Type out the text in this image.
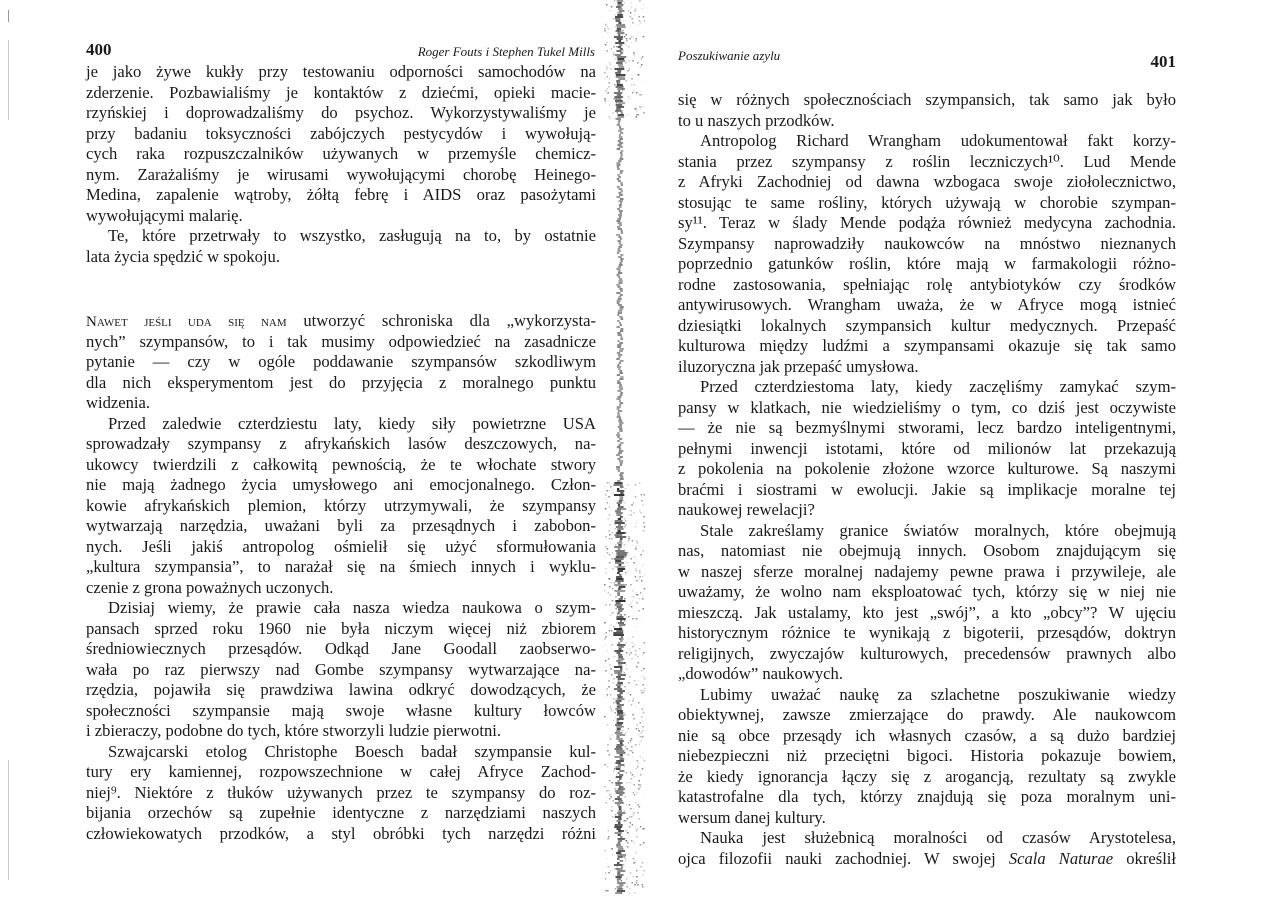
400	Roger Fouts i Stephen Tukel Mills	Poszukiwanie azylu	401
je jako żywe kukły przy testowaniu odporności samochodów na
zderzenie. Pozbawialiśmy je kontaktów z dziećmi, opieki macie-
rzyńskiej i doprowadzaliśmy do psychoz. Wykorzystywaliśmy je
przy badaniu toksyczności zabójczych pestycydów i wywołują-
cych raka rozpuszczalników używanych w przemyśle chemicz-
nym. Zarażaliśmy je wirusami wywołującymi chorobę Heinego-
Medina, zapalenie wątroby, żółtą febrę i AIDS oraz pasożytami
wywołującymi malarię.
Te, które przetrwały to wszystko, zasługują na to, by ostatnie
lata życia spędzić w spokoju.
Nawet jeśli uda się nam utworzyć schroniska dla „wykorzysta-
nych” szympansów, to i tak musimy odpowiedzieć na zasadnicze
pytanie — czy w ogóle poddawanie szympansów szkodliwym
dla nich eksperymentom jest do przyjęcia z moralnego punktu
widzenia.
Przed zaledwie czterdziestu laty, kiedy siły powietrzne USA
sprowadzały szympansy z afrykańskich lasów deszczowych, na-
ukowcy twierdzili z całkowitą pewnością, że te włochate stwory
nie mają żadnego życia umysłowego ani emocjonalnego. Człon-
kowie afrykańskich plemion, którzy utrzymywali, że szympansy
wytwarzają narzędzia, uważani byli za przesądnych i zabobon-
nych. Jeśli jakiś antropolog ośmielił się użyć sformułowania
„kultura szympansia”, to narażał się na śmiech innych i wyklu-
czenie z grona poważnych uczonych.
Dzisiaj wiemy, że prawie cała nasza wiedza naukowa o szym-
pansach sprzed roku 1960 nie była niczym więcej niż zbiorem
średniowiecznych przesądów. Odkąd Jane Goodall zaobserwo-
wała po raz pierwszy nad Gombe szympansy wytwarzające na-
rzędzia, pojawiła się prawdziwa lawina odkryć dowodzących, że
społeczności szympansie mają swoje własne kultury łowców
i zbieraczy, podobne do tych, które stworzyli ludzie pierwotni.
Szwajcarski etolog Christophe Boesch badał szympansie kul-
tury ery kamiennej, rozpowszechnione w całej Afryce Zachod-
niej⁹. Niektóre z tłuków używanych przez te szympansy do roz-
bijania orzechów są zupełnie identyczne z narzędziami naszych
człowiekowatych przodków, a styl obróbki tych narzędzi różni
się w różnych społecznościach szympansich, tak samo jak było
to u naszych przodków.
Antropolog Richard Wrangham udokumentował fakt korzy-
stania przez szympansy z roślin leczniczych¹⁰. Lud Mende
z Afryki Zachodniej od dawna wzbogaca swoje ziołolecznictwo,
stosując te same rośliny, których używają w chorobie szympan-
sy¹¹. Teraz w ślady Mende podąża również medycyna zachodnia.
Szympansy naprowadziły naukowców na mnóstwo nieznanych
poprzednio gatunków roślin, które mają w farmakologii różno-
rodne zastosowania, spełniając rolę antybiotyków czy środków
antywirusowych. Wrangham uważa, że w Afryce mogą istnieć
dziesiątki lokalnych szympansich kultur medycznych. Przepaść
kulturowa między ludźmi a szympansami okazuje się tak samo
iluzoryczna jak przepaść umysłowa.
Przed czterdziestoma laty, kiedy zaczęliśmy zamykać szym-
pansy w klatkach, nie wiedzieliśmy o tym, co dziś jest oczywiste
— że nie są bezmyślnymi stworami, lecz bardzo inteligentnymi,
pełnymi inwencji istotami, które od milionów lat przekazują
z pokolenia na pokolenie złożone wzorce kulturowe. Są naszymi
braćmi i siostrami w ewolucji. Jakie są implikacje moralne tej
naukowej rewelacji?
Stale zakreślamy granice światów moralnych, które obejmują
nas, natomiast nie obejmują innych. Osobom znajdującym się
w naszej sferze moralnej nadajemy pewne prawa i przywileje, ale
uważamy, że wolno nam eksploatować tych, którzy się w niej nie
mieszczą. Jak ustalamy, kto jest „swój”, a kto „obcy”? W ujęciu
historycznym różnice te wynikają z bigoterii, przesądów, doktryn
religijnych, zwyczajów kulturowych, precedensów prawnych albo
„dowodów” naukowych.
Lubimy uważać naukę za szlachetne poszukiwanie wiedzy
obiektywnej, zawsze zmierzające do prawdy. Ale naukowcom
nie są obce przesądy ich własnych czasów, a są dużo bardziej
niebezpieczni niż przeciętni bigoci. Historia pokazuje bowiem,
że kiedy ignorancja łączy się z arogancją, rezultaty są zwykle
katastrofalne dla tych, którzy znajdują się poza moralnym uni-
wersum danej kultury.
Nauka jest służebnicą moralności od czasów Arystotelesa,
ojca filozofii nauki zachodniej. W swojej Scala Naturae określił
